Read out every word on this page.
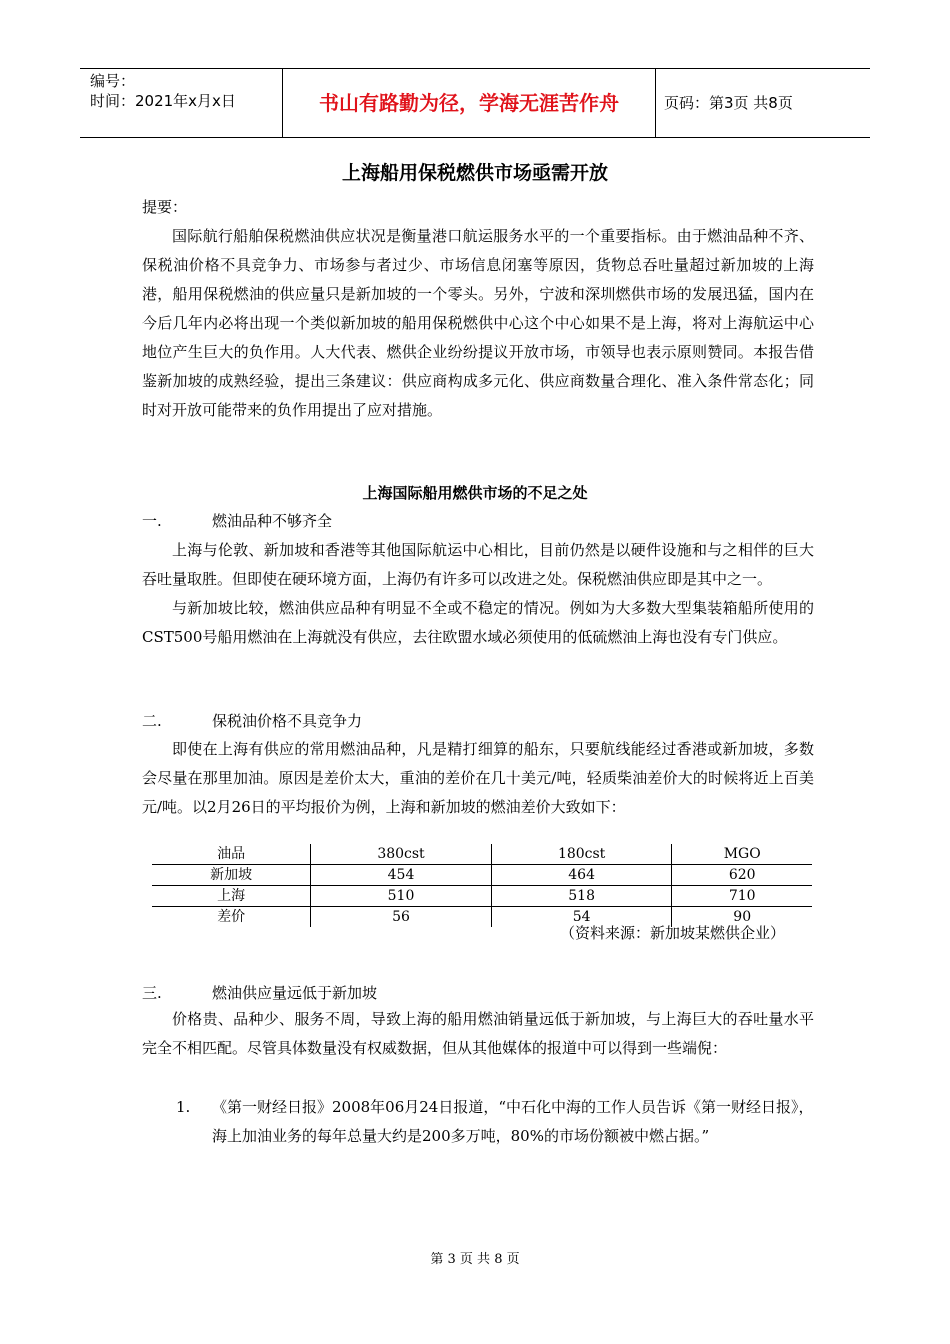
编号：
时间：2021年x月x日	书山有路勤为径，学海无涯苦作舟	页码：第3页 共8页
上海船用保税燃供市场亟需开放
提要：

国际航行船舶保税燃油供应状况是衡量港口航运服务水平的一个重要指标。由于燃油品种不齐、保税油价格不具竞争力、市场参与者过少、市场信息闭塞等原因，货物总吞吐量超过新加坡的上海港，船用保税燃油的供应量只是新加坡的一个零头。另外，宁波和深圳燃供市场的发展迅猛，国内在今后几年内必将出现一个类似新加坡的船用保税燃供中心这个中心如果不是上海，将对上海航运中心地位产生巨大的负作用。人大代表、燃供企业纷纷提议开放市场，市领导也表示原则赞同。本报告借鉴新加坡的成熟经验，提出三条建议：供应商构成多元化、供应商数量合理化、准入条件常态化；同时对开放可能带来的负作用提出了应对措施。

上海国际船用燃供市场的不足之处
一.	燃油品种不够齐全

上海与伦敦、新加坡和香港等其他国际航运中心相比，目前仍然是以硬件设施和与之相伴的巨大吞吐量取胜。但即使在硬环境方面，上海仍有许多可以改进之处。保税燃油供应即是其中之一。

与新加坡比较，燃油供应品种有明显不全或不稳定的情况。例如为大多数大型集装箱船所使用的CST500号船用燃油在上海就没有供应，去往欧盟水域必须使用的低硫燃油上海也没有专门供应。

二.	保税油价格不具竞争力

即使在上海有供应的常用燃油品种，凡是精打细算的船东，只要航线能经过香港或新加坡，多数会尽量在那里加油。原因是差价太大，重油的差价在几十美元/吨，轻质柴油差价大的时候将近上百美元/吨。以2月26日的平均报价为例，上海和新加坡的燃油差价大致如下：

油品	380cst	180cst	MGO
新加坡	454	464	620
上海	510	518	710
差价	56	54	90
（资料来源：新加坡某燃供企业）
三.	燃油供应量远低于新加坡

价格贵、品种少、服务不周，导致上海的船用燃油销量远低于新加坡，与上海巨大的吞吐量水平完全不相匹配。尽管具体数量没有权威数据，但从其他媒体的报道中可以得到一些端倪：

1. 《第一财经日报》2008年06月24日报道，“中石化中海的工作人员告诉《第一财经日报》，海上加油业务的每年总量大约是200多万吨，80%的市场份额被中燃占据。”
第 3 页 共 8 页
